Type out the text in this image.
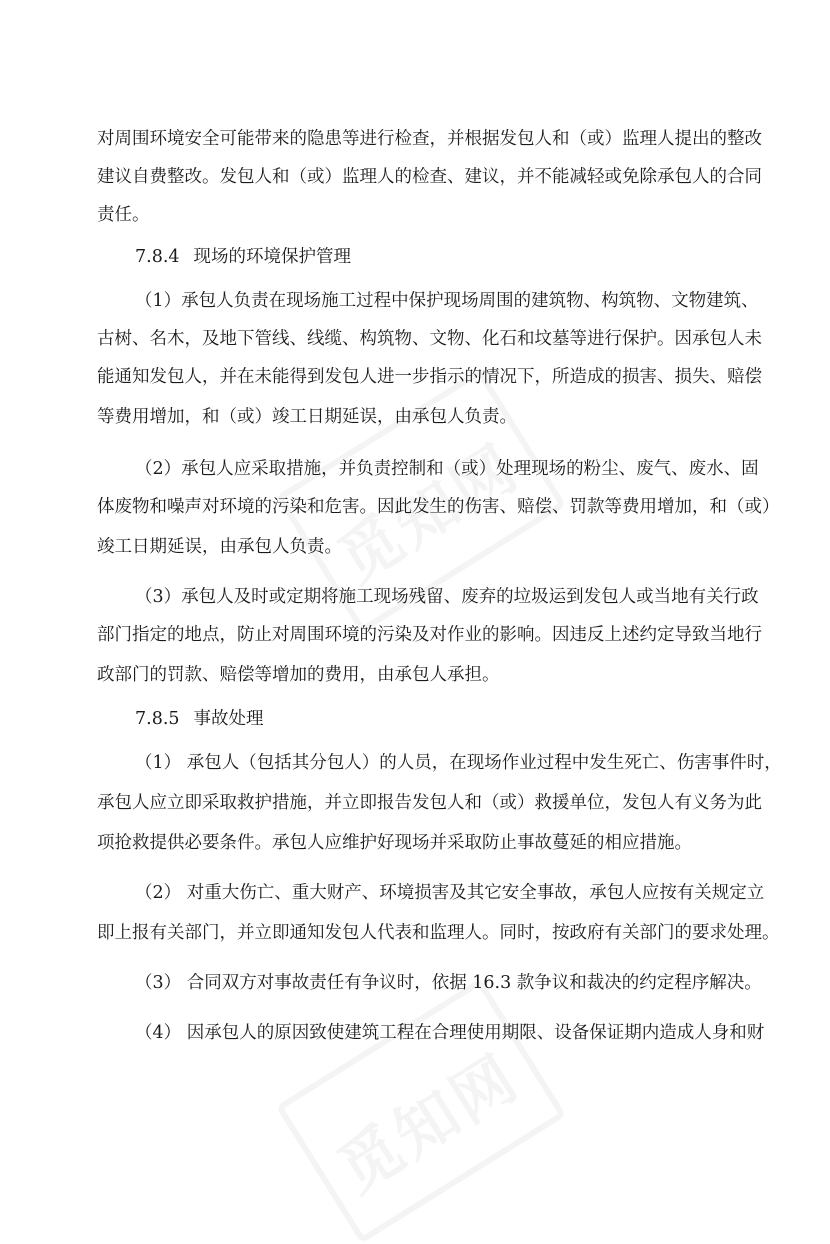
对周围环境安全可能带来的隐患等进行检查，并根据发包人和（或）监理人提出的整改
建议自费整改。发包人和（或）监理人的检查、建议，并不能减轻或免除承包人的合同
责任。
7.8.4 现场的环境保护管理
（1）承包人负责在现场施工过程中保护现场周围的建筑物、构筑物、文物建筑、
古树、名木，及地下管线、线缆、构筑物、文物、化石和坟墓等进行保护。因承包人未
能通知发包人，并在未能得到发包人进一步指示的情况下，所造成的损害、损失、赔偿
等费用增加，和（或）竣工日期延误，由承包人负责。
（2）承包人应采取措施，并负责控制和（或）处理现场的粉尘、废气、废水、固
体废物和噪声对环境的污染和危害。因此发生的伤害、赔偿、罚款等费用增加，和（或）
竣工日期延误，由承包人负责。
（3）承包人及时或定期将施工现场残留、废弃的垃圾运到发包人或当地有关行政
部门指定的地点，防止对周围环境的污染及对作业的影响。因违反上述约定导致当地行
政部门的罚款、赔偿等增加的费用，由承包人承担。
7.8.5 事故处理
（1） 承包人（包括其分包人）的人员，在现场作业过程中发生死亡、伤害事件时，
承包人应立即采取救护措施，并立即报告发包人和（或）救援单位，发包人有义务为此
项抢救提供必要条件。承包人应维护好现场并采取防止事故蔓延的相应措施。
（2） 对重大伤亡、重大财产、环境损害及其它安全事故，承包人应按有关规定立
即上报有关部门，并立即通知发包人代表和监理人。同时，按政府有关部门的要求处理。
（3） 合同双方对事故责任有争议时，依据 16.3 款争议和裁决的约定程序解决。
（4） 因承包人的原因致使建筑工程在合理使用期限、设备保证期内造成人身和财
